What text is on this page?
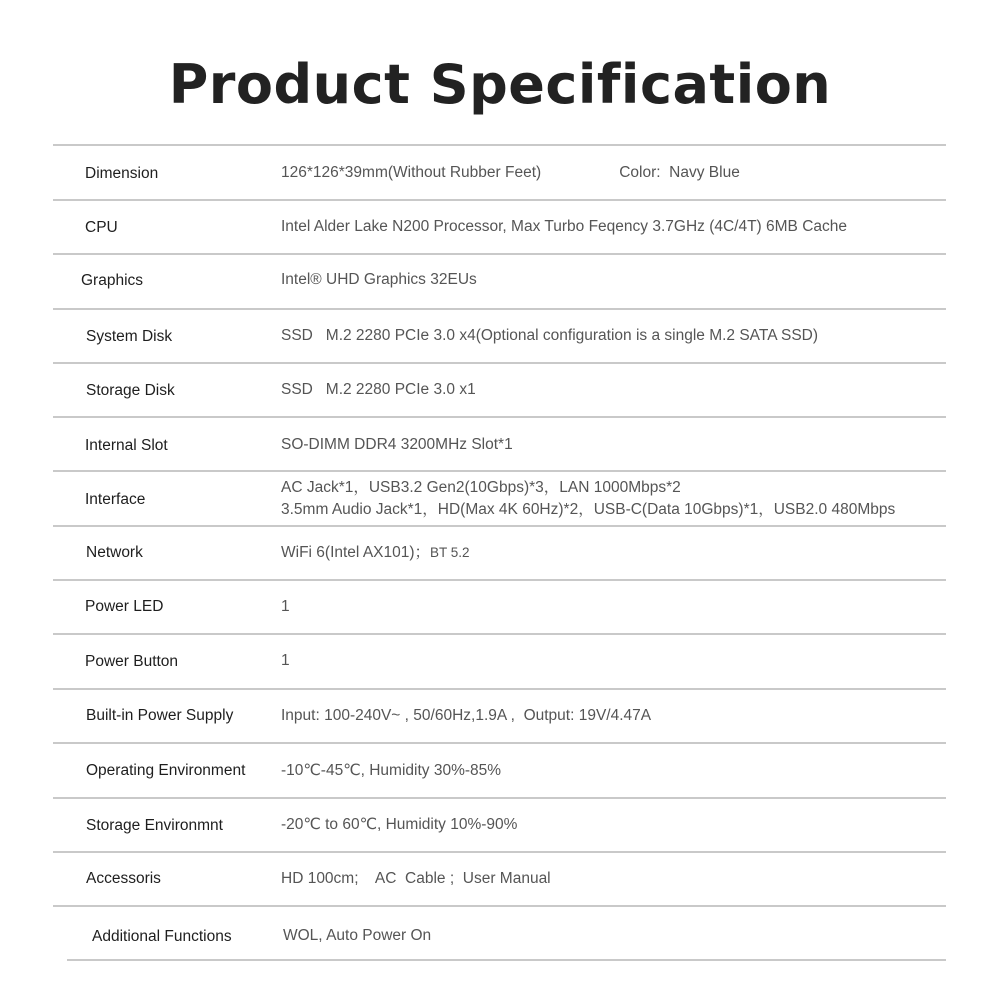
Product Specification
Dimension	126*126*39mm(Without Rubber Feet)	Color: Navy Blue
CPU	Intel Alder Lake N200 Processor, Max Turbo Feqency 3.7GHz (4C/4T) 6MB Cache
Graphics	Intel® UHD Graphics 32EUs
System Disk	SSD   M.2 2280 PCIe 3.0 x4(Optional configuration is a single M.2 SATA SSD)
Storage Disk	SSD   M.2 2280 PCIe 3.0 x1
Internal Slot	SO-DIMM DDR4 3200MHz Slot*1
Interface
AC Jack*1，USB3.2 Gen2(10Gbps)*3，LAN 1000Mbps*2
3.5mm Audio Jack*1，HD(Max 4K 60Hz)*2，USB-C(Data 10Gbps)*1，USB2.0 480Mbps
Network	WiFi 6(Intel AX101)；BT 5.2
Power LED	1
Power Button	1
Built-in Power Supply	Input: 100-240V~ , 50/60Hz,1.9A ,  Output: 19V/4.47A
Operating Environment -10℃-45℃, Humidity 30%-85%
Storage Environmnt	-20℃ to 60℃, Humidity 10%-90%
Accessoris	HD 100cm;    AC  Cable ;  User Manual
Additional Functions	WOL, Auto Power On
